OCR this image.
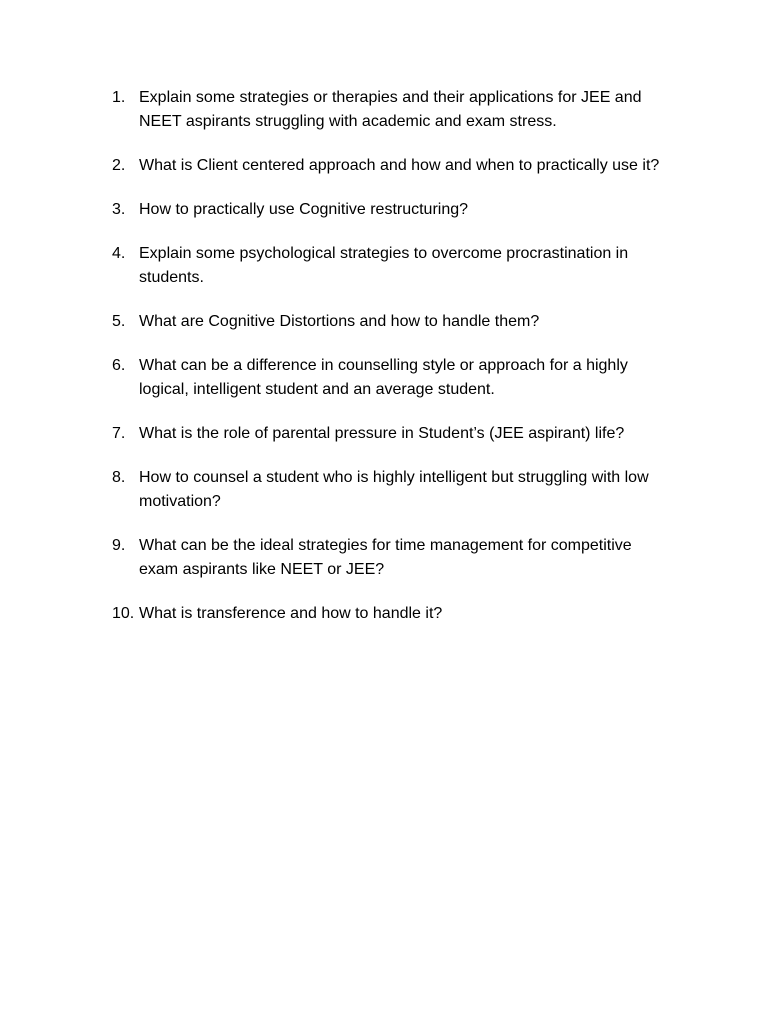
1. Explain some strategies or therapies and their applications for JEE and NEET aspirants struggling with academic and exam stress.
2. What is Client centered approach and how and when to practically use it?
3. How to practically use Cognitive restructuring?
4. Explain some psychological strategies to overcome procrastination in students.
5. What are Cognitive Distortions and how to handle them?
6. What can be a difference in counselling style or approach for a highly logical, intelligent student and an average student.
7. What is the role of parental pressure in Student’s (JEE aspirant) life?
8. How to counsel a student who is highly intelligent but struggling with low motivation?
9. What can be the ideal strategies for time management for competitive exam aspirants like NEET or JEE?
10. What is transference and how to handle it?
